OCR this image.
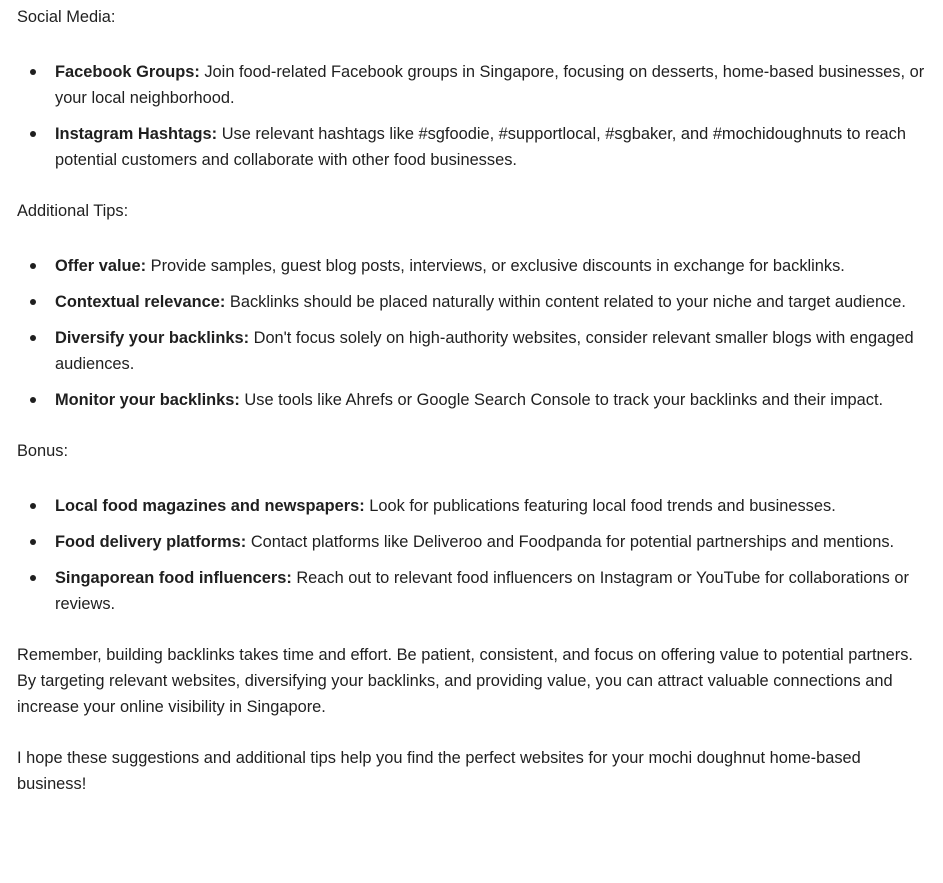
Social Media:

Facebook Groups: Join food-related Facebook groups in Singapore, focusing on desserts, home-based businesses, or your local neighborhood.
Instagram Hashtags: Use relevant hashtags like #sgfoodie, #supportlocal, #sgbaker, and #mochidoughnuts to reach potential customers and collaborate with other food businesses.

Additional Tips:

Offer value: Provide samples, guest blog posts, interviews, or exclusive discounts in exchange for backlinks.
Contextual relevance: Backlinks should be placed naturally within content related to your niche and target audience.
Diversify your backlinks: Don't focus solely on high-authority websites, consider relevant smaller blogs with engaged audiences.
Monitor your backlinks: Use tools like Ahrefs or Google Search Console to track your backlinks and their impact.

Bonus:

Local food magazines and newspapers: Look for publications featuring local food trends and businesses.
Food delivery platforms: Contact platforms like Deliveroo and Foodpanda for potential partnerships and mentions.
Singaporean food influencers: Reach out to relevant food influencers on Instagram or YouTube for collaborations or reviews.

Remember, building backlinks takes time and effort. Be patient, consistent, and focus on offering value to potential partners. By targeting relevant websites, diversifying your backlinks, and providing value, you can attract valuable connections and increase your online visibility in Singapore.

I hope these suggestions and additional tips help you find the perfect websites for your mochi doughnut home-based business!
